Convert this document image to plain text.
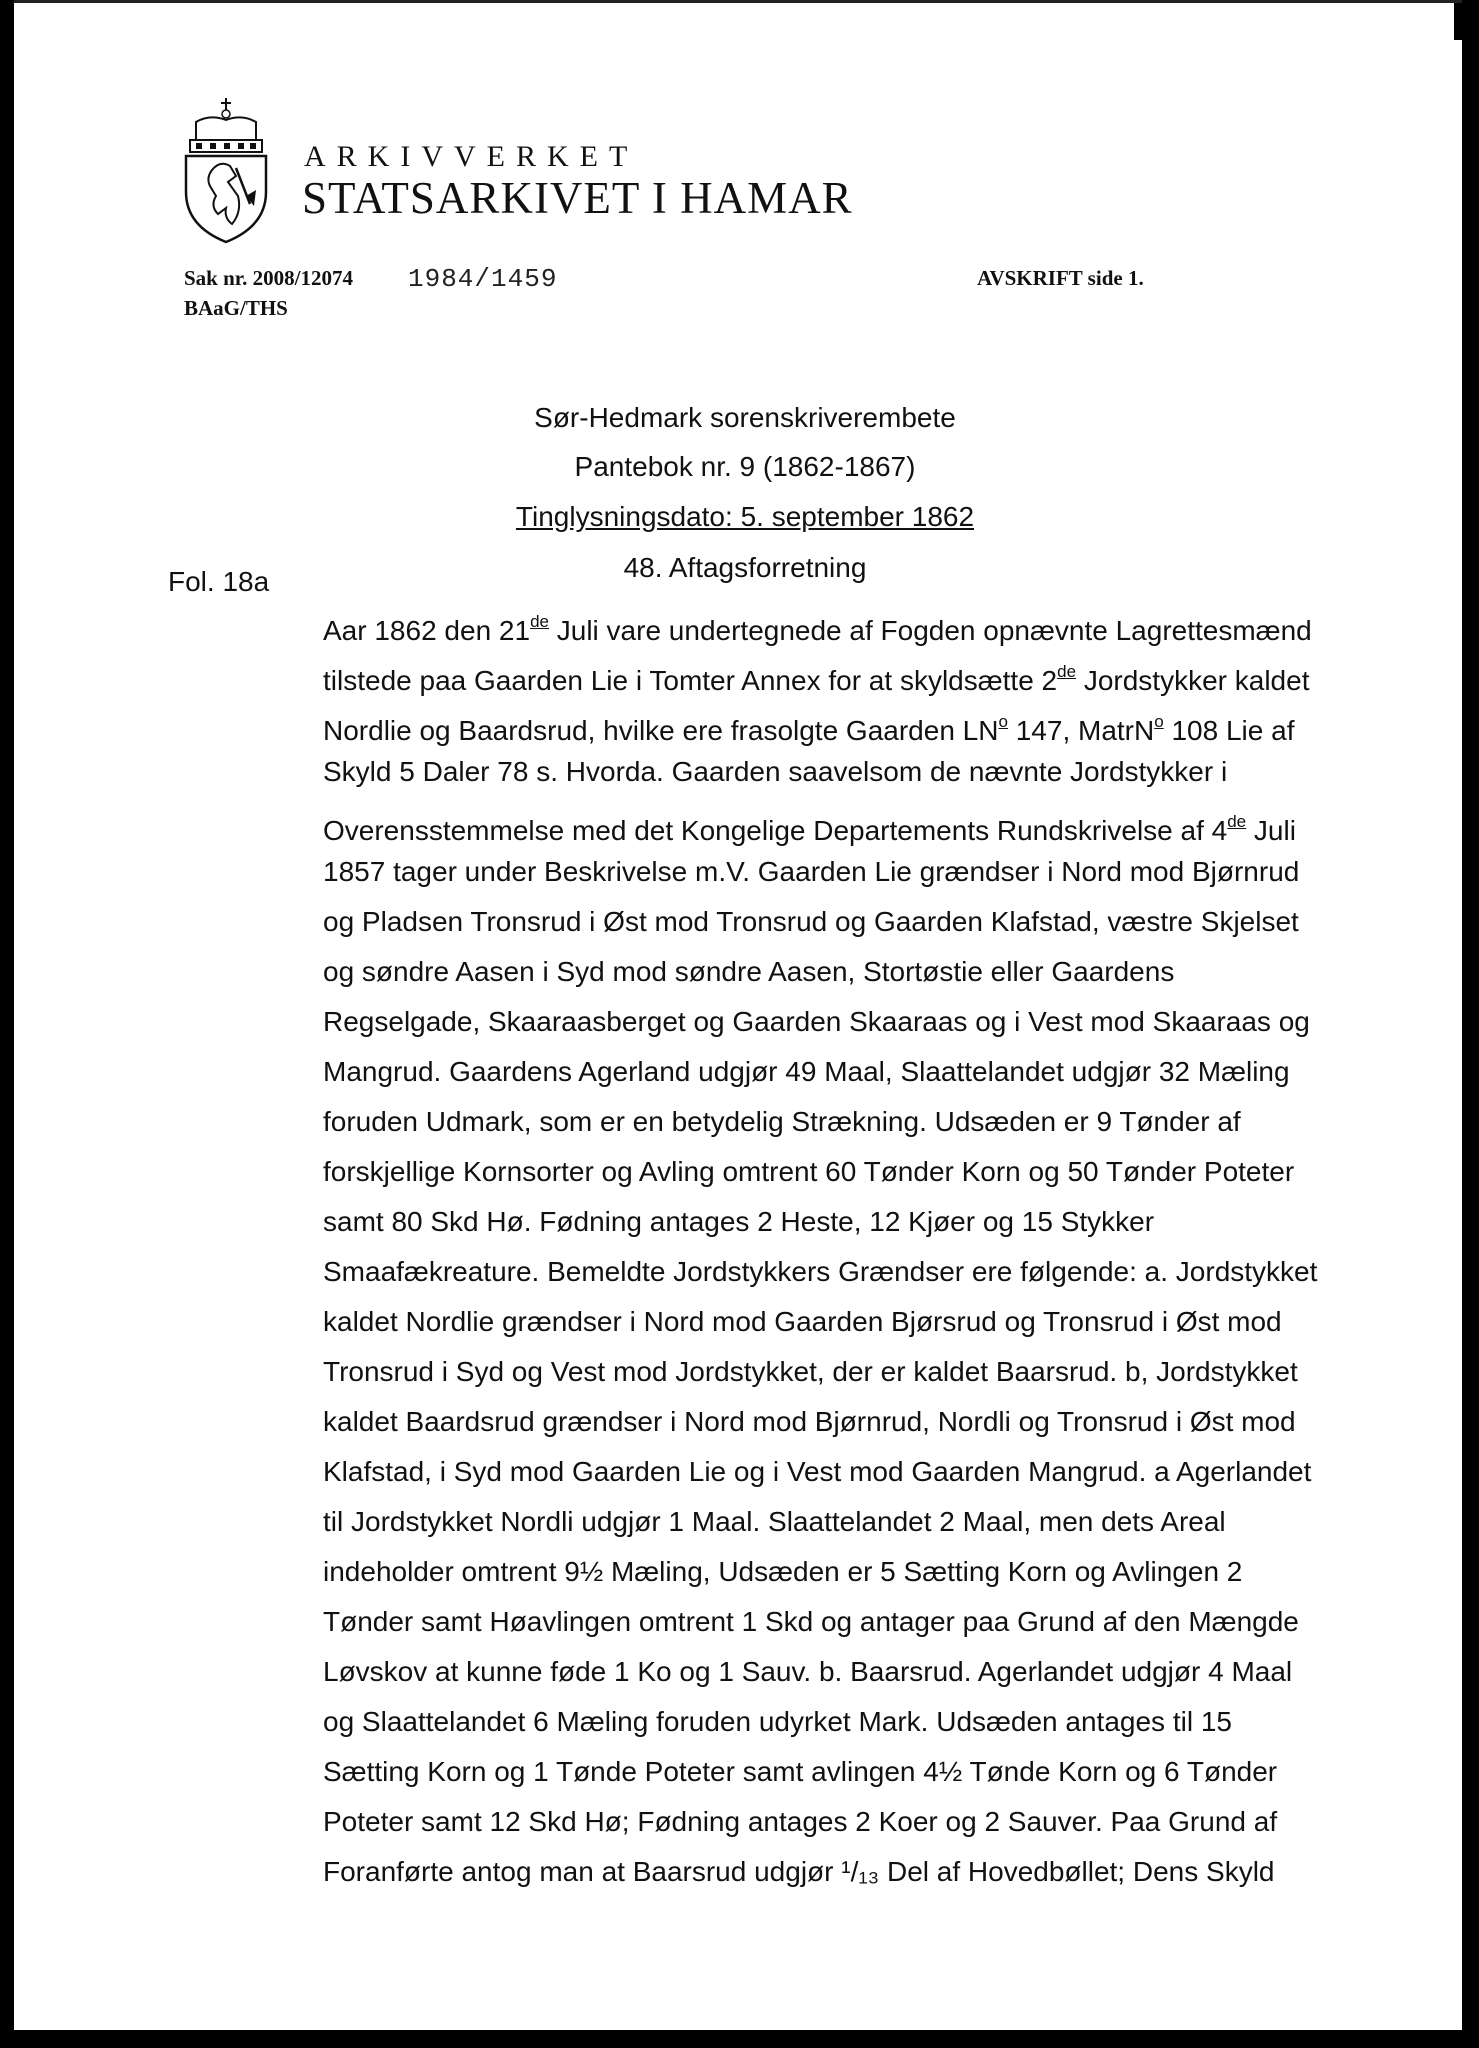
ARKIVVERKET
STATSARKIVET I HAMAR
Sak nr. 2008/12074 1984/1459
BAaG/THS
AVSKRIFT side 1.
Sør-Hedmark sorenskriverembete
Pantebok nr. 9 (1862-1867)
Tinglysningsdato: 5. september 1862
48. Aftagsforretning
Fol. 18a
Aar 1862 den 21de Juli vare undertegnede af Fogden opnævnte Lagrettesmænd
tilstede paa Gaarden Lie i Tomter Annex for at skyldsætte 2de Jordstykker kaldet
Nordlie og Baardsrud, hvilke ere frasolgte Gaarden $LN^o$ 147, MatrN$^o$ 108 Lie af
Skyld 5 Daler 78 s. Hvorda. Gaarden saavelsom de nævnte Jordstykker i
Overensstemmelse med det Kongelige Departements Rundskrivelse af 4de Juli
1857 tager under Beskrivelse m.V. Gaarden Lie grændser i Nord mod Bjørnrud
og Pladsen Tronsrud i Øst mod Tronsrud og Gaarden Klafstad, væstre Skjelset
og søndre Aasen i Syd mod søndre Aasen, Stortøstie eller Gaardens
Regselgade, Skaaraasberget og Gaarden Skaaraas og i Vest mod Skaaraas og
Mangrud. Gaardens Agerland udgjør 49 Maal, Slaattelandet udgjør 32 Mæling
foruden Udmark, som er en betydelig Strækning. Udsæden er 9 Tønder af
forskjellige Kornsorter og Avling omtrent 60 Tønder Korn og 50 Tønder Poteter
samt 80 Skd Hø. Fødning antages 2 Heste, 12 Kjøer og 15 Stykker
Smaafækreature. Bemeldte Jordstykkers Grændser ere følgende: a. Jordstykket
kaldet Nordlie grændser i Nord mod Gaarden Bjørsrud og Tronsrud i Øst mod
Tronsrud i Syd og Vest mod Jordstykket, der er kaldet Baarsrud. b, Jordstykket
kaldet Baardsrud grændser i Nord mod Bjørnrud, Nordli og Tronsrud i Øst mod
Klafstad, i Syd mod Gaarden Lie og i Vest mod Gaarden Mangrud. a Agerlandet
til Jordstykket Nordli udgjør 1 Maal. Slaattelandet 2 Maal, men dets Areal
indeholder omtrent 9½ Mæling, Udsæden er 5 Sætting Korn og Avlingen 2
Tønder samt Høavlingen omtrent 1 Skd og antager paa Grund af den Mængde
Løvskov at kunne føde 1 Ko og 1 Sauv. b. Baarsrud. Agerlandet udgjør 4 Maal
og Slaattelandet 6 Mæling foruden udyrket Mark. Udsæden antages til 15
Sætting Korn og 1 Tønde Poteter samt avlingen 4½ Tønde Korn og 6 Tønder
Poteter samt 12 Skd Hø; Fødning antages 2 Koer og 2 Sauver. Paa Grund af
Foranførte antog man at Baarsrud udgjør ¹/₁₃ Del af Hovedbøllet; Dens Skyld
